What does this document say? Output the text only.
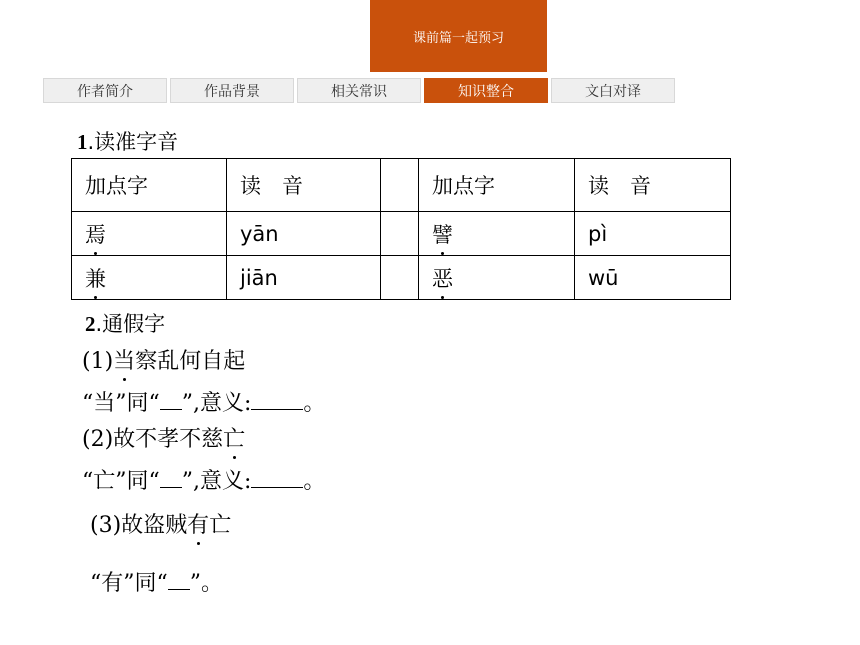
课前篇一起预习
作者简介	作品背景	相关常识	知识整合	文白对译
1.读准字音
加点字	读　音		加点字	读　音
焉	yān		譬	pì
兼	jiān		恶	wū
2.通假字
(1)当察乱何自起
“当”同“ ”,意义: 。
(2)故不孝不慈亡
“亡”同“ ”,意义: 。
(3)故盗贼有亡
“有”同“ ”。
